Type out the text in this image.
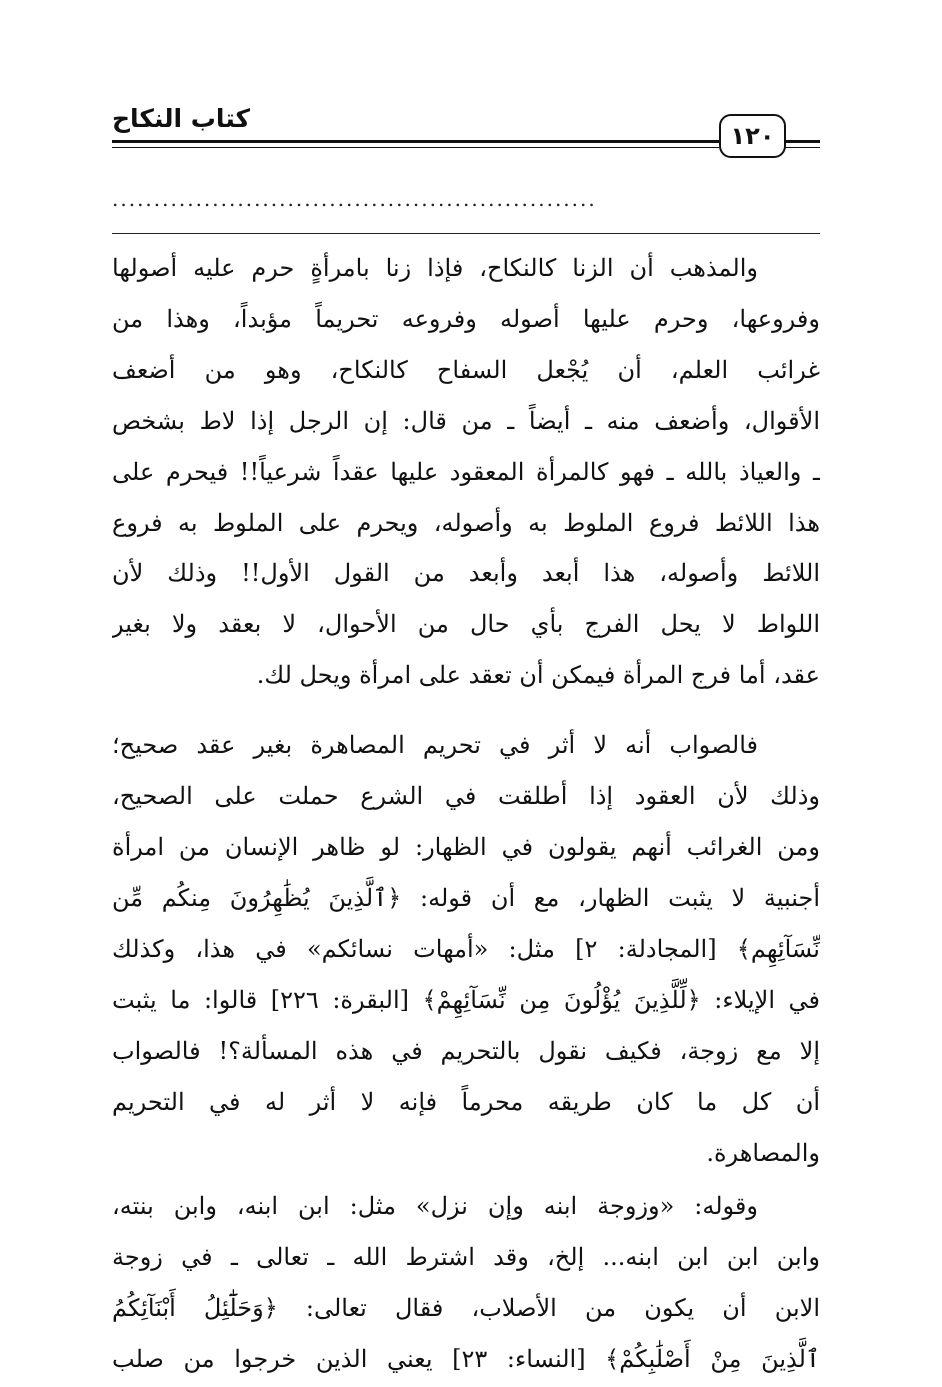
كتاب النكاح
١٢٠
..........................................................
والمذهب أن الزنا كالنكاح، فإذا زنا بامرأةٍ حرم عليه أصولها
وفروعها، وحرم عليها أصوله وفروعه تحريماً مؤبداً، وهذا من
غرائب العلم، أن يُجْعل السفاح كالنكاح، وهو من أضعف
الأقوال، وأضعف منه ـ أيضاً ـ من قال: إن الرجل إذا لاط بشخص
ـ والعياذ بالله ـ فهو كالمرأة المعقود عليها عقداً شرعياً!! فيحرم على
هذا اللائط فروع الملوط به وأصوله، ويحرم على الملوط به فروع
اللائط وأصوله، هذا أبعد وأبعد من القول الأول!! وذلك لأن
اللواط لا يحل الفرج بأي حال من الأحوال، لا بعقد ولا بغير
عقد، أما فرج المرأة فيمكن أن تعقد على امرأة ويحل لك.
فالصواب أنه لا أثر في تحريم المصاهرة بغير عقد صحيح؛
وذلك لأن العقود إذا أطلقت في الشرع حملت على الصحيح،
ومن الغرائب أنهم يقولون في الظهار: لو ظاهر الإنسان من امرأة
أجنبية لا يثبت الظهار، مع أن قوله: ﴿ٱلَّذِينَ يُظَٰهِرُونَ مِنكُم مِّن
نِّسَآئِهِم﴾ [المجادلة: ٢] مثل: «أمهات نسائكم» في هذا، وكذلك
في الإيلاء: ﴿لِّلَّذِينَ يُؤْلُونَ مِن نِّسَآئِهِمْ﴾ [البقرة: ٢٢٦] قالوا: ما يثبت
إلا مع زوجة، فكيف نقول بالتحريم في هذه المسألة؟! فالصواب
أن كل ما كان طريقه محرماً فإنه لا أثر له في التحريم
والمصاهرة.
وقوله: «وزوجة ابنه وإن نزل» مثل: ابن ابنه، وابن بنته،
وابن ابن ابن ابنه... إلخ، وقد اشترط الله ـ تعالى ـ في زوجة
الابن أن يكون من الأصلاب، فقال تعالى: ﴿وَحَلَٰٓئِلُ أَبْنَآئِكُمُ
ٱلَّذِينَ مِنْ أَصْلَٰبِكُمْ﴾ [النساء: ٢٣] يعني الذين خرجوا من صلب
